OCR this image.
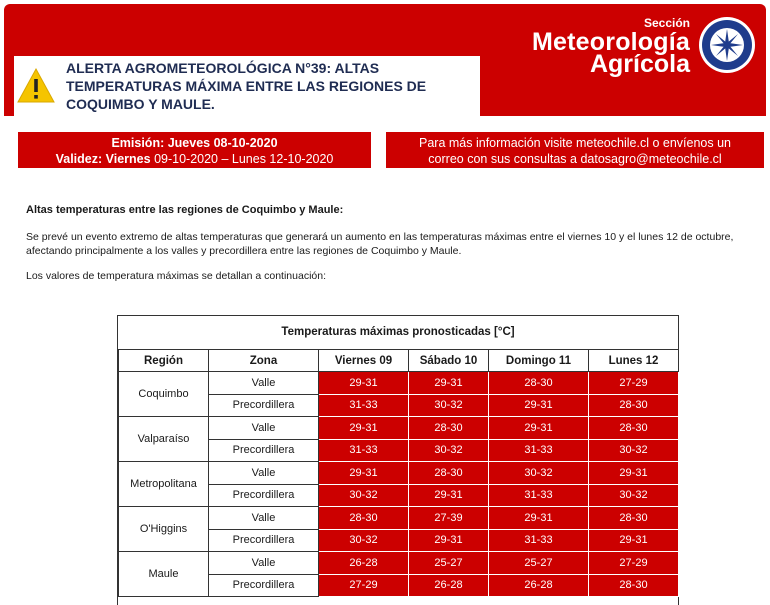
ALERTA AGROMETEOROLÓGICA N°39: ALTAS TEMPERATURAS MÁXIMA ENTRE LAS REGIONES DE COQUIMBO Y MAULE.
Sección
Meteorología
Agrícola
Emisión: Jueves 08-10-2020
Validez: Viernes 09-10-2020 – Lunes 12-10-2020
Para más información visite meteochile.cl o envíenos un
correo con sus consultas a datosagro@meteochile.cl
Altas temperaturas entre las regiones de Coquimbo y Maule:
Se prevé un evento extremo de altas temperaturas que generará un aumento en las temperaturas máximas entre el viernes 10 y el lunes 12 de octubre, afectando principalmente a los valles y precordillera entre las regiones de Coquimbo y Maule.
Los valores de temperatura máximas se detallan a continuación:
Temperaturas máximas pronosticadas [°C]
Región	Zona	Viernes 09	Sábado 10	Domingo 11	Lunes 12
Coquimbo	Valle	29-31	29-31	28-30	27-29
	Precordillera	31-33	30-32	29-31	28-30
Valparaíso	Valle	29-31	28-30	29-31	28-30
	Precordillera	31-33	30-32	31-33	30-32
Metropolitana	Valle	29-31	28-30	30-32	29-31
	Precordillera	30-32	29-31	31-33	30-32
O'Higgins	Valle	28-30	27-39	29-31	28-30
	Precordillera	30-32	29-31	31-33	29-31
Maule	Valle	26-28	25-27	25-27	27-29
	Precordillera	27-29	26-28	26-28	28-30
